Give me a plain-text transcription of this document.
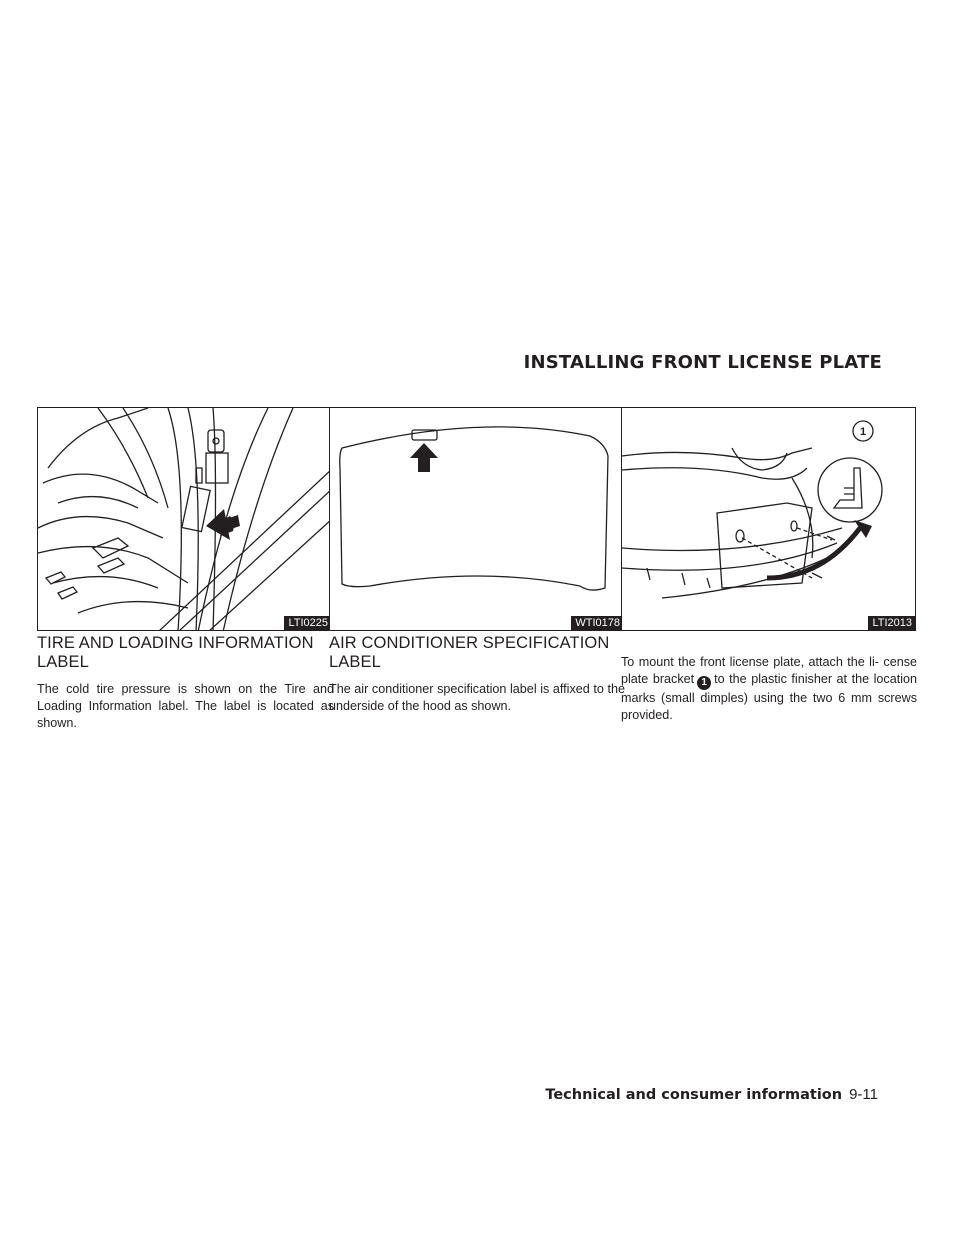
INSTALLING FRONT LICENSE PLATE
LTI0225	WTI0178
1
LTI2013
TIRE AND LOADING INFORMATION LABEL

The cold tire pressure is shown on the Tire and Loading Information label. The label is located as shown.

AIR CONDITIONER SPECIFICATION LABEL

The air conditioner specification label is affixed to the underside of the hood as shown.

To mount the front license plate, attach the li- cense plate bracket 1 to the plastic finisher at the location marks (small dimples) using the two 6 mm screws provided.

Technical and consumer information 9-11
